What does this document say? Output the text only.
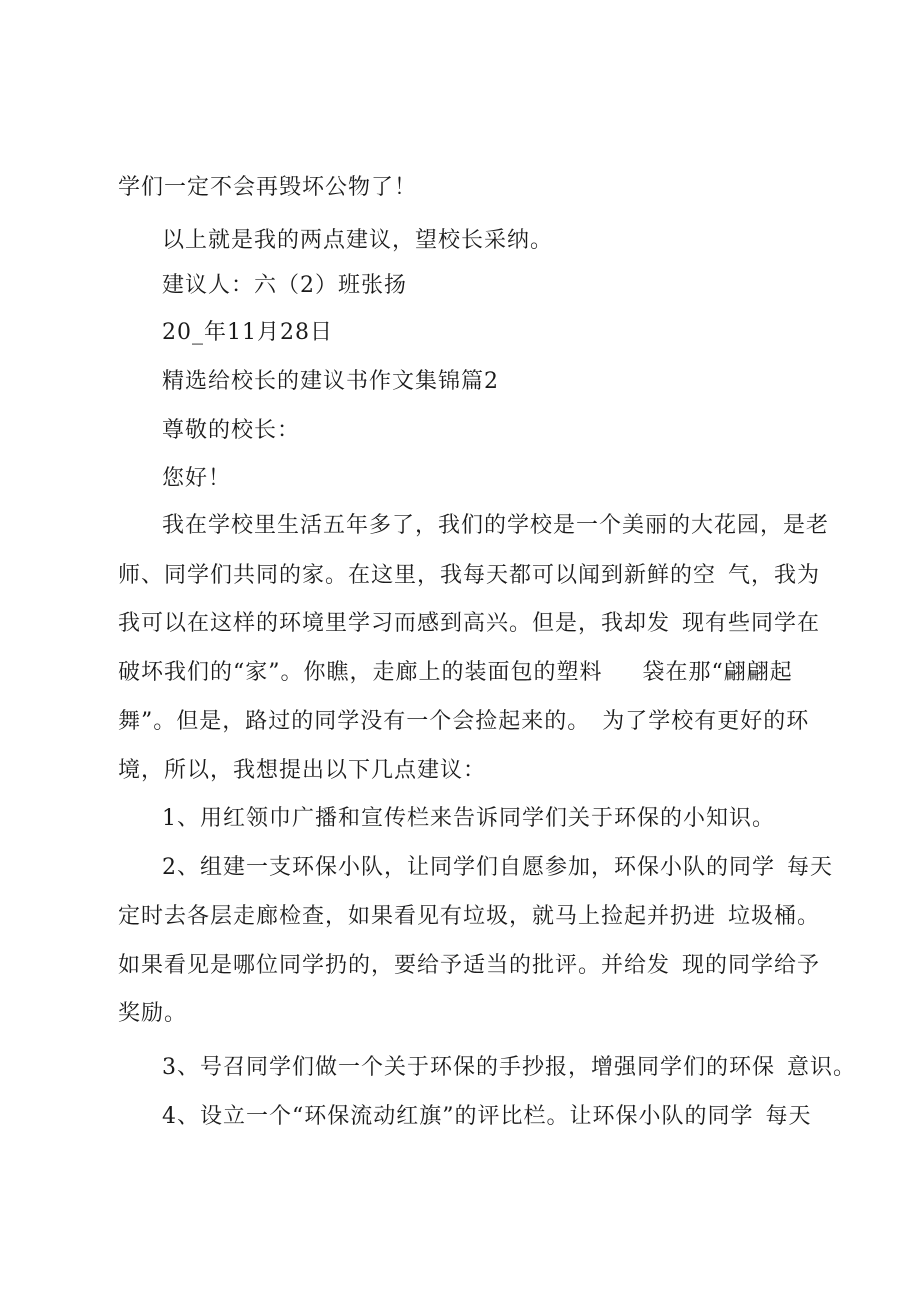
学们一定不会再毁坏公物了！
以上就是我的两点建议，望校长采纳。
建议人：六（2）班张扬
20_年11月28日
精选给校长的建议书作文集锦篇2
尊敬的校长：
您好！
我在学校里生活五年多了，我们的学校是一个美丽的大花园，是老
师、同学们共同的家。在这里，我每天都可以闻到新鲜的空 气，我为
我可以在这样的环境里学习而感到高兴。但是，我却发 现有些同学在
破坏我们的“家”。你瞧，走廊上的装面包的塑料 袋在那“翩翩起
舞”。但是，路过的同学没有一个会捡起来的。 为了学校有更好的环
境，所以，我想提出以下几点建议：
1、用红领巾广播和宣传栏来告诉同学们关于环保的小知识。
2、组建一支环保小队，让同学们自愿参加，环保小队的同学 每天
定时去各层走廊检查，如果看见有垃圾，就马上捡起并扔进 垃圾桶。
如果看见是哪位同学扔的，要给予适当的批评。并给发 现的同学给予
奖励。
3、号召同学们做一个关于环保的手抄报，增强同学们的环保 意识。
4、设立一个“环保流动红旗”的评比栏。让环保小队的同学 每天
